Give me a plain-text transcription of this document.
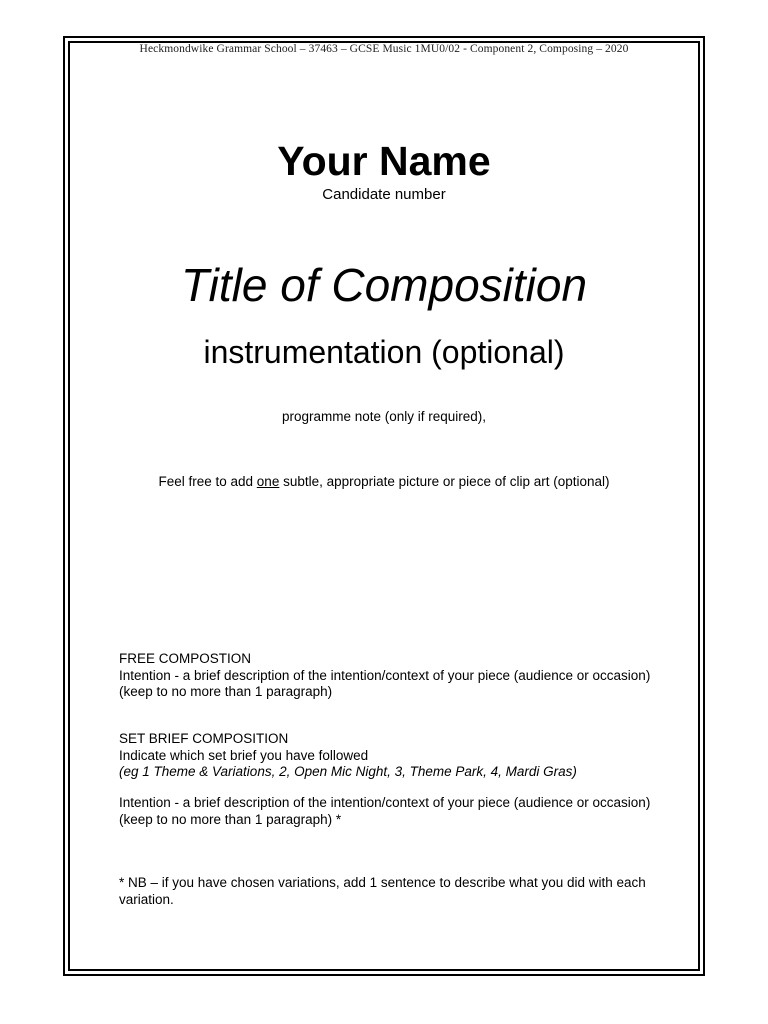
Heckmondwike Grammar School – 37463 – GCSE Music 1MU0/02 - Component 2, Composing – 2020
Your Name
Candidate number
Title of Composition
instrumentation (optional)
programme note (only if required),
Feel free to add one subtle, appropriate picture or piece of clip art (optional)
FREE COMPOSTION
Intention - a brief description of the intention/context of your piece (audience or occasion)
(keep to no more than 1 paragraph)
SET BRIEF COMPOSITION
Indicate which set brief you have followed
(eg 1 Theme & Variations, 2, Open Mic Night, 3, Theme Park, 4, Mardi Gras)
Intention - a brief description of the intention/context of your piece (audience or occasion)
(keep to no more than 1 paragraph) *
* NB – if you have chosen variations, add 1 sentence to describe what you did with each
variation.
